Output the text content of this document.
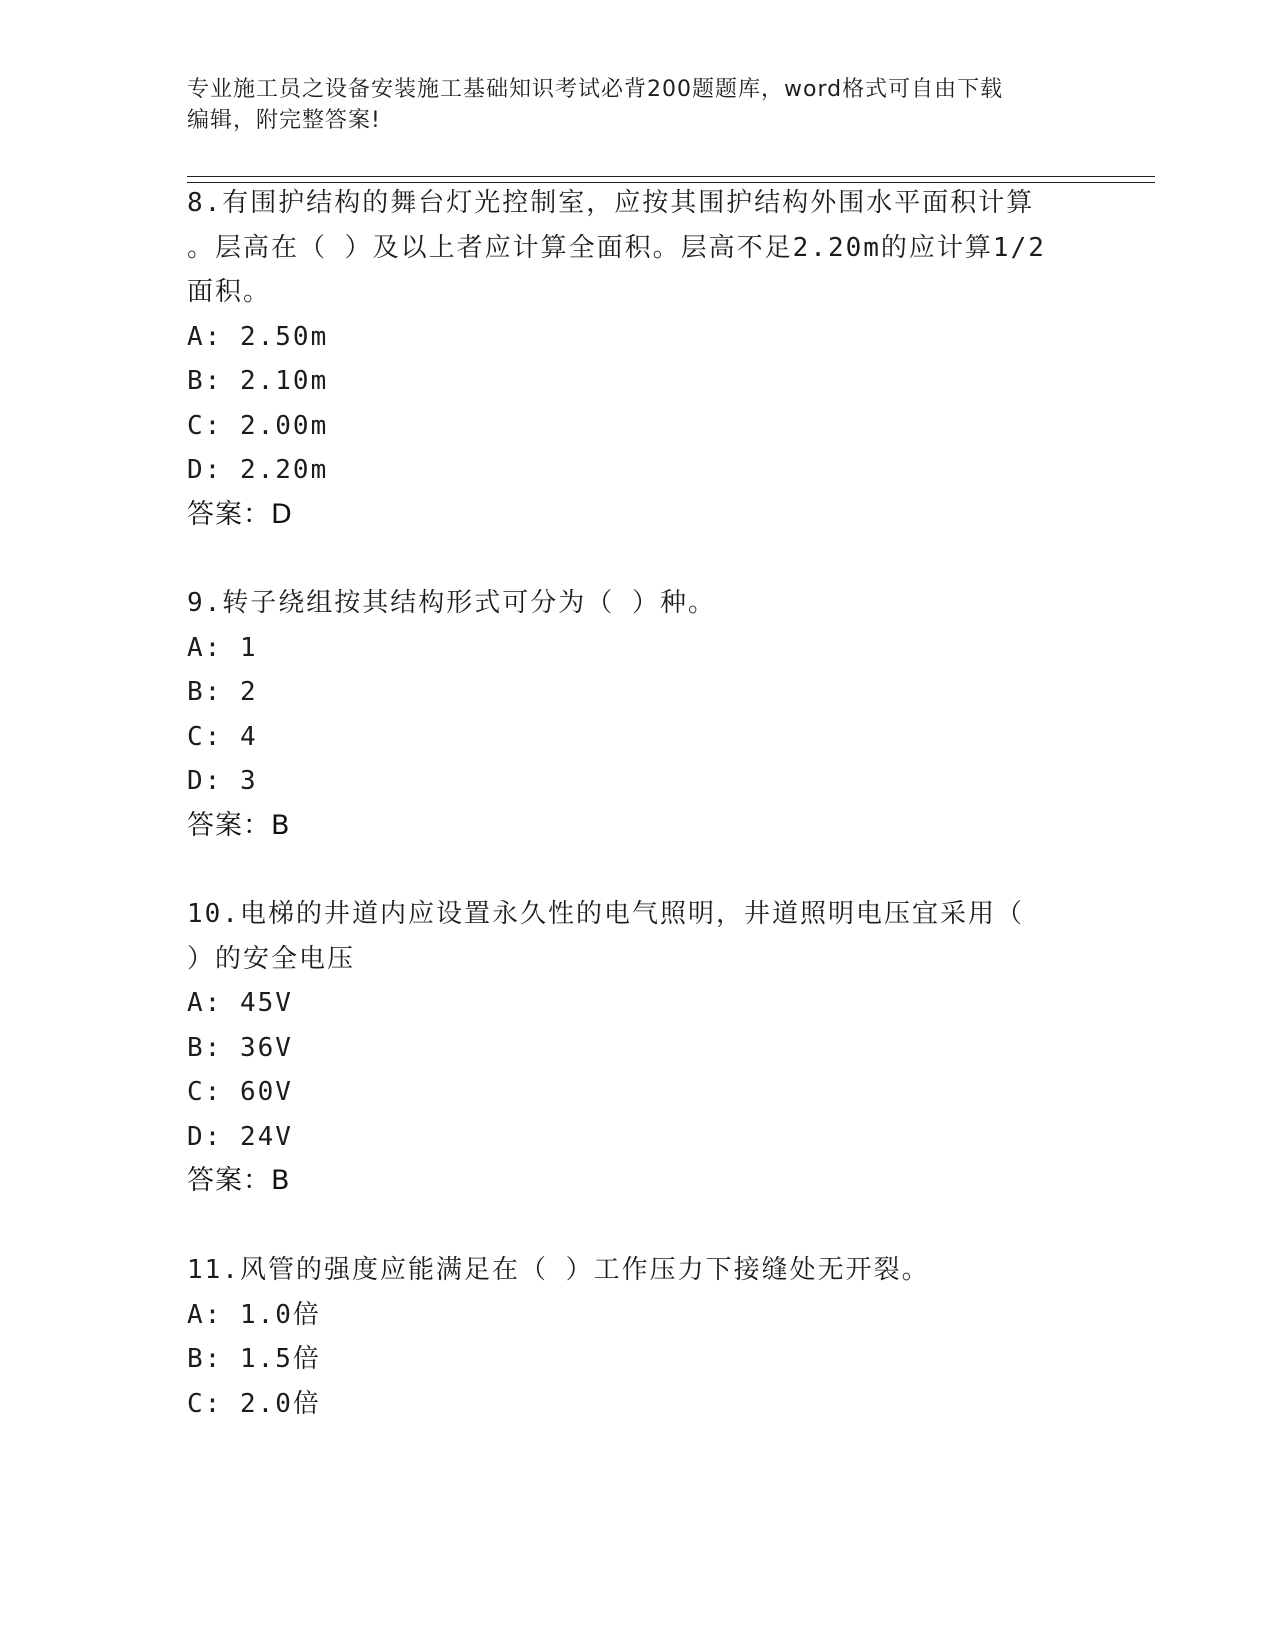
专业施工员之设备安装施工基础知识考试必背200题题库，word格式可自由下载
编辑，附完整答案!

8.有围护结构的舞台灯光控制室，应按其围护结构外围水平面积计算

。层高在（ ）及以上者应计算全面积。层高不足2.20m的应计算1/2

面积。

A: 2.50m

B: 2.10m

C: 2.00m

D: 2.20m

答案：D

9.转子绕组按其结构形式可分为（ ）种。

A: 1

B: 2

C: 4

D: 3

答案：B

10.电梯的井道内应设置永久性的电气照明，井道照明电压宜采用（

）的安全电压

A: 45V

B: 36V

C: 60V

D: 24V

答案：B

11.风管的强度应能满足在（ ）工作压力下接缝处无开裂。

A: 1.0倍

B: 1.5倍

C: 2.0倍
